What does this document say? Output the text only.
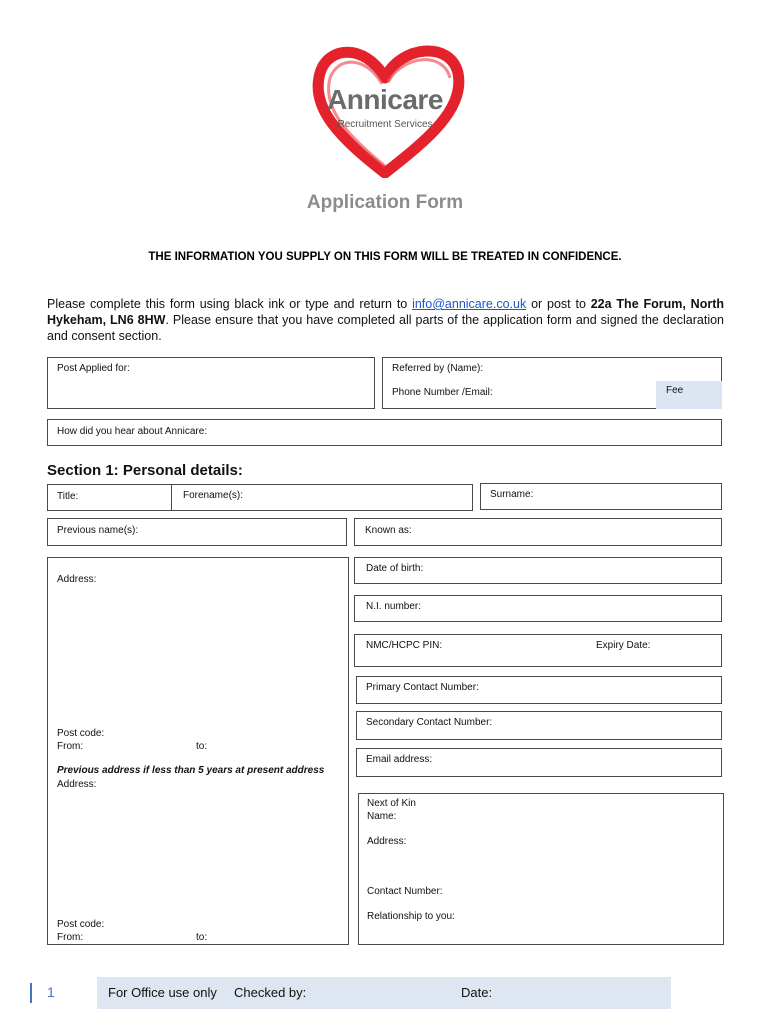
Annicare
Recruitment Services
Application Form
THE INFORMATION YOU SUPPLY ON THIS FORM WILL BE TREATED IN CONFIDENCE.
Please complete this form using black ink or type and return to info@annicare.co.uk or post to 22a The Forum, North Hykeham, LN6 8HW. Please ensure that you have completed all parts of the application form and signed the declaration and consent section.
Post Applied for:	Referred by (Name):
Phone Number /Email:	Fee
How did you hear about Annicare:
Section 1: Personal details:
Title:	Forename(s):	Surname:
Previous name(s):	Known as:
Address:
Post code:
From:	to:
Previous address if less than 5 years at present address
Address:
Post code:
From:	to:
Date of birth:
N.I. number:
NMC/HCPC PIN:	Expiry Date:
Primary Contact Number:
Secondary Contact Number:
Email address:
Next of Kin
Name:
Address:
Contact Number:
Relationship to you:
1	For Office use only Checked by:	Date:
